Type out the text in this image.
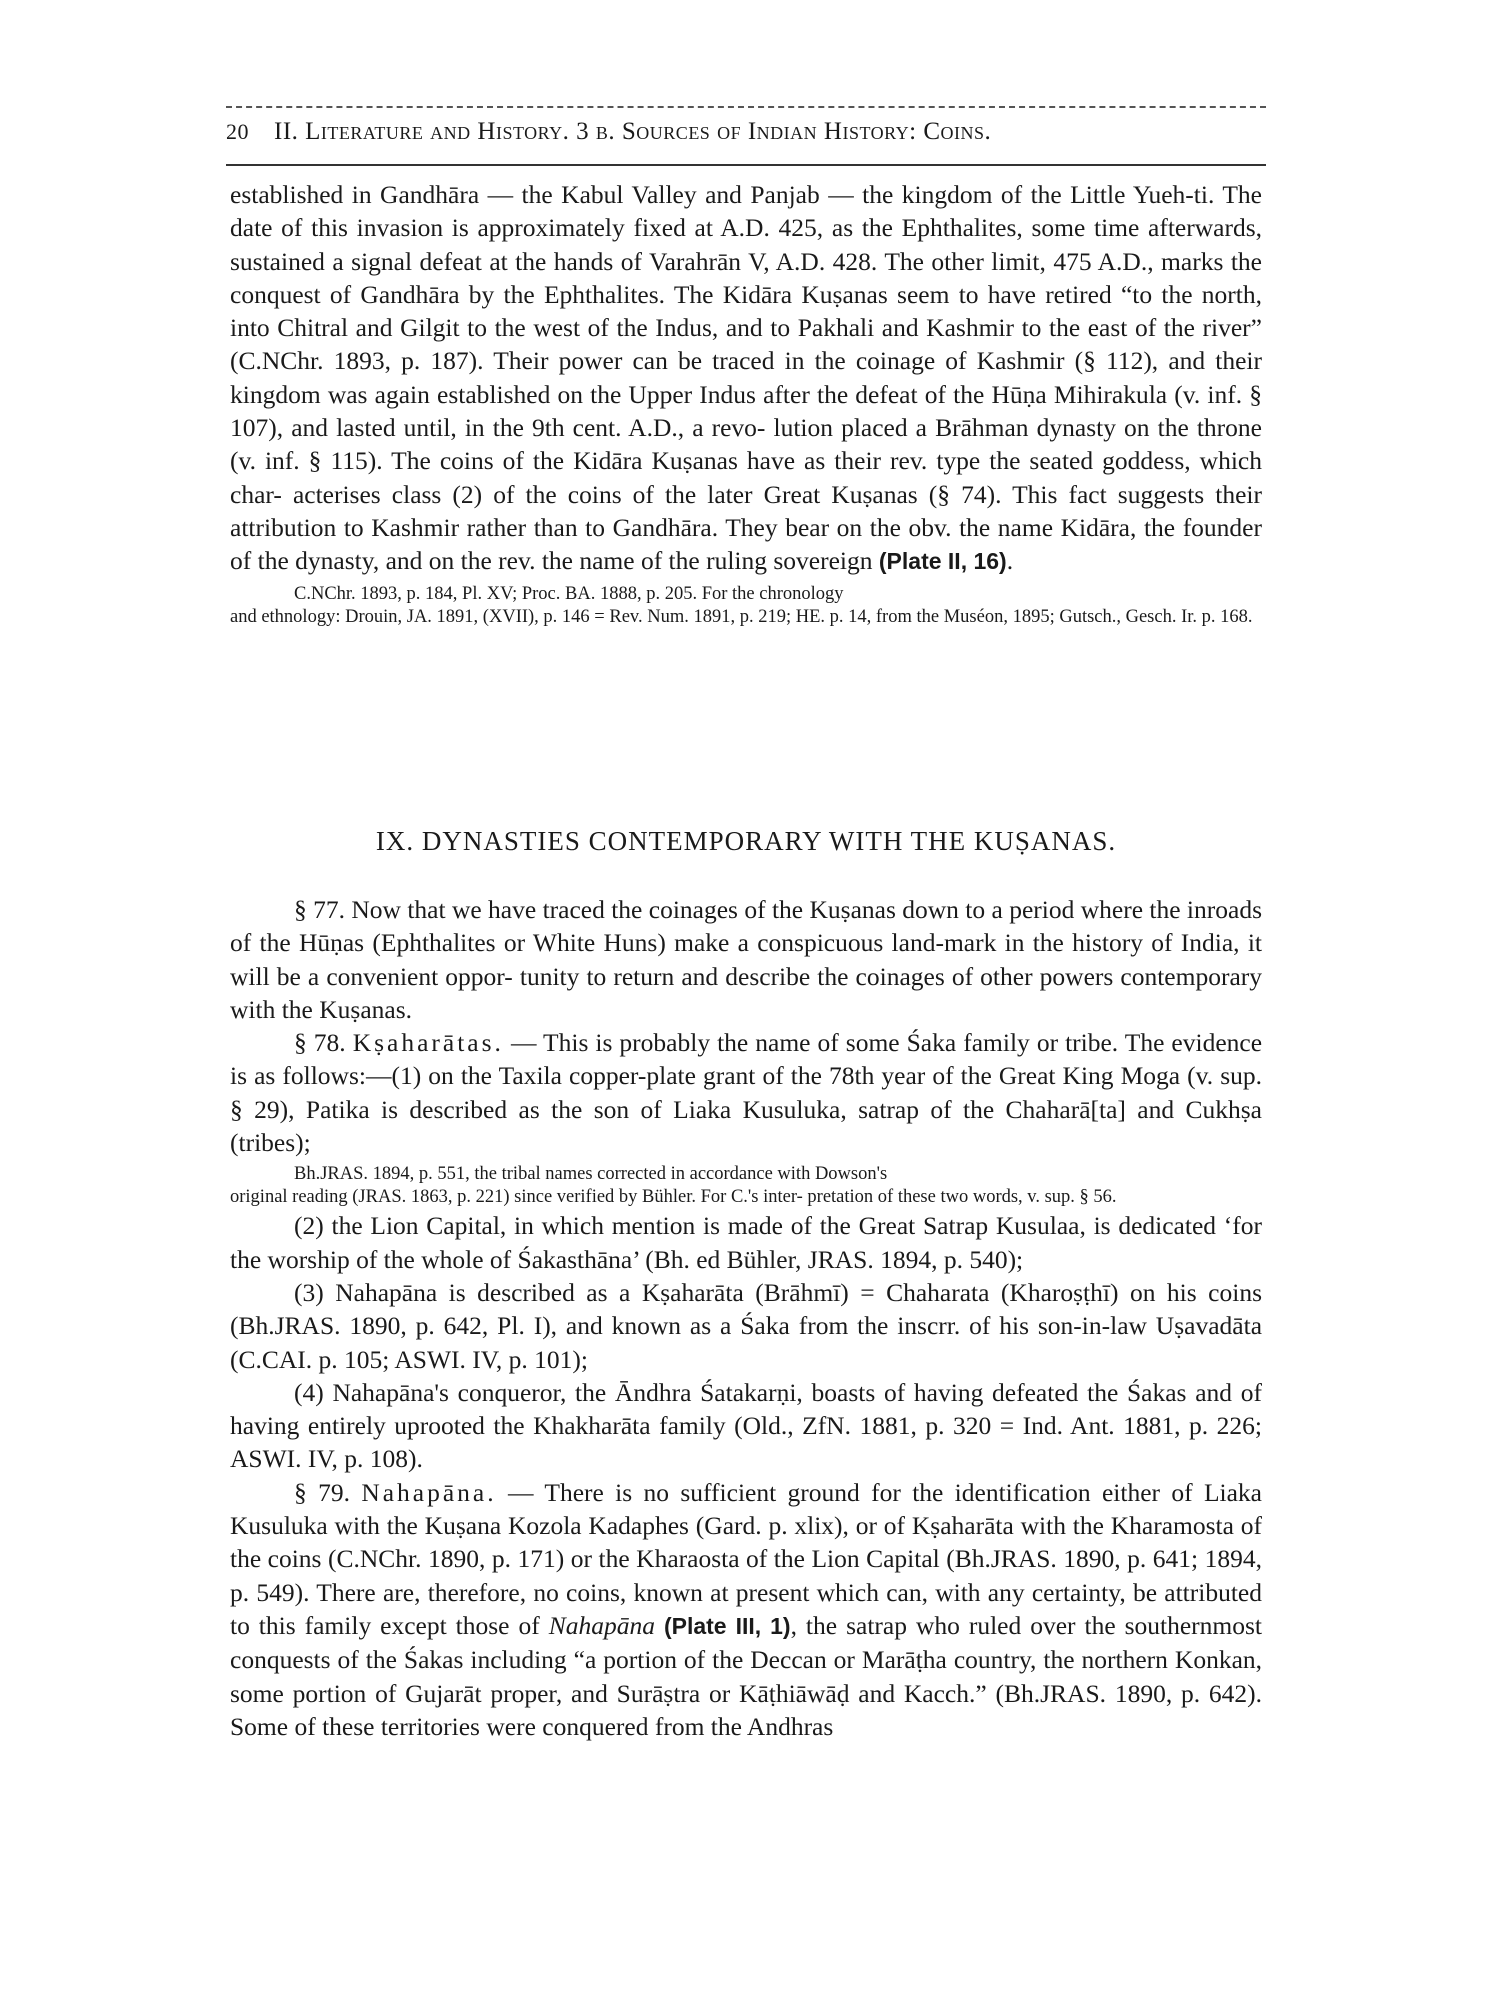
20 II. Literature and History. 3 b. Sources of Indian History: Coins.

established in Gandhāra — the Kabul Valley and Panjab — the kingdom of the Little Yueh-ti. The date of this invasion is approximately fixed at A.D. 425, as the Ephthalites, some time afterwards, sustained a signal defeat at the hands of Varahrān V, A.D. 428. The other limit, 475 A.D., marks the conquest of Gandhāra by the Ephthalites. The Kidāra Kuṣanas seem to have retired “to the north, into Chitral and Gilgit to the west of the Indus, and to Pakhali and Kashmir to the east of the river” (C.NChr. 1893, p. 187). Their power can be traced in the coinage of Kashmir (§ 112), and their kingdom was again established on the Upper Indus after the defeat of the Hūṇa Mihirakula (v. inf. § 107), and lasted until, in the 9th cent. A.D., a revo- lution placed a Brāhman dynasty on the throne (v. inf. § 115). The coins of the Kidāra Kuṣanas have as their rev. type the seated goddess, which char- acterises class (2) of the coins of the later Great Kuṣanas (§ 74). This fact suggests their attribution to Kashmir rather than to Gandhāra. They bear on the obv. the name Kidāra, the founder of the dynasty, and on the rev. the name of the ruling sovereign (Plate II, 16).

C.NChr. 1893, p. 184, Pl. XV; Proc. BA. 1888, p. 205. For the chronology
and ethnology: Drouin, JA. 1891, (XVII), p. 146 = Rev. Num. 1891, p. 219; HE. p. 14, from the Muséon, 1895; Gutsch., Gesch. Ir. p. 168.
IX. DYNASTIES CONTEMPORARY WITH THE KUṢANAS.

§ 77. Now that we have traced the coinages of the Kuṣanas down to a period where the inroads of the Hūṇas (Ephthalites or White Huns) make a conspicuous land-mark in the history of India, it will be a convenient oppor- tunity to return and describe the coinages of other powers contemporary with the Kuṣanas.

§ 78. Kṣaharātas. — This is probably the name of some Śaka family or tribe. The evidence is as follows:—(1) on the Taxila copper-plate grant of the 78th year of the Great King Moga (v. sup. § 29), Patika is described as the son of Liaka Kusuluka, satrap of the Chaharā[ta] and Cukhṣa (tribes);

Bh.JRAS. 1894, p. 551, the tribal names corrected in accordance with Dowson's
original reading (JRAS. 1863, p. 221) since verified by Bühler. For C.'s inter- pretation of these two words, v. sup. § 56.

(2) the Lion Capital, in which mention is made of the Great Satrap Kusulaa, is dedicated ‘for the worship of the whole of Śakasthāna’ (Bh. ed Bühler, JRAS. 1894, p. 540);

(3) Nahapāna is described as a Kṣaharāta (Brāhmī) = Chaharata (Kharoṣṭhī) on his coins (Bh.JRAS. 1890, p. 642, Pl. I), and known as a Śaka from the inscrr. of his son-in-law Uṣavadāta (C.CAI. p. 105; ASWI. IV, p. 101);

(4) Nahapāna's conqueror, the Āndhra Śatakarṇi, boasts of having defeated the Śakas and of having entirely uprooted the Khakharāta family (Old., ZfN. 1881, p. 320 = Ind. Ant. 1881, p. 226; ASWI. IV, p. 108).

§ 79. Nahapāna. — There is no sufficient ground for the identification either of Liaka Kusuluka with the Kuṣana Kozola Kadaphes (Gard. p. xlix), or of Kṣaharāta with the Kharamosta of the coins (C.NChr. 1890, p. 171) or the Kharaosta of the Lion Capital (Bh.JRAS. 1890, p. 641; 1894, p. 549). There are, therefore, no coins, known at present which can, with any certainty, be attributed to this family except those of Nahapāna (Plate III, 1), the satrap who ruled over the southernmost conquests of the Śakas including “a portion of the Deccan or Marāṭha country, the northern Konkan, some portion of Gujarāt proper, and Surāṣtra or Kāṭhiāwāḍ and Kacch.” (Bh.JRAS. 1890, p. 642). Some of these territories were conquered from the Andhras
